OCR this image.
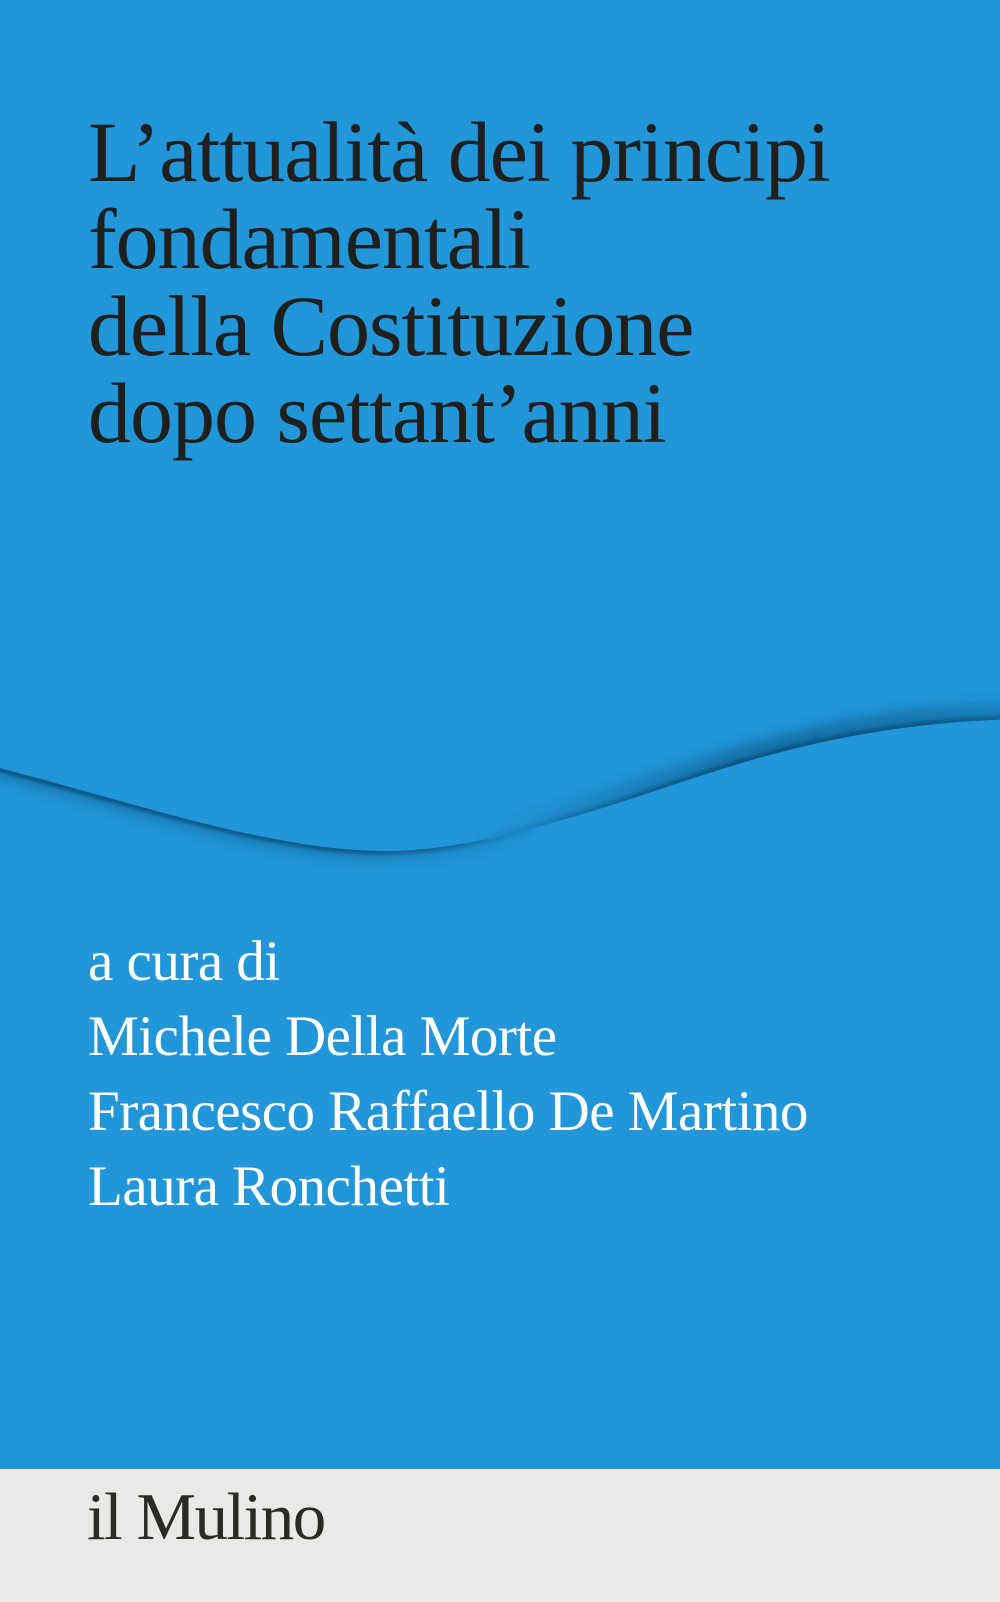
L’attualità dei principi
fondamentali
della Costituzione
dopo settant’anni
a cura di
Michele Della Morte
Francesco Raffaello De Martino
Laura Ronchetti
il Mulino
